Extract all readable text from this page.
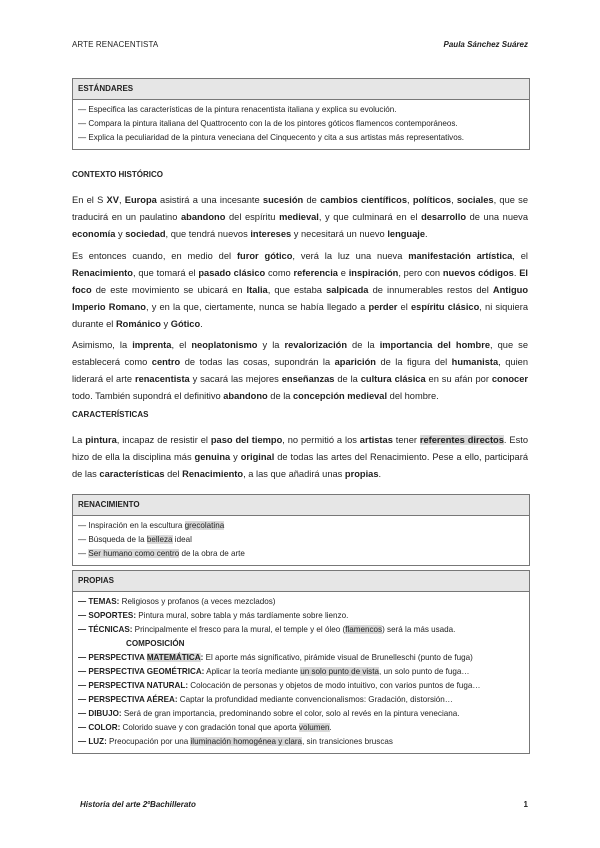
ARTE RENACENTISTA	Paula Sánchez Suárez
ESTÁNDARES
— Especifica las características de la pintura renacentista italiana y explica su evolución.
— Compara la pintura italiana del Quattrocento con la de los pintores góticos flamencos contemporáneos.
— Explica la peculiaridad de la pintura veneciana del Cinquecento y cita a sus artistas más representativos.
CONTEXTO HISTÓRICO

En el S XV, Europa asistirá a una incesante sucesión de cambios científicos, políticos, sociales, que se traducirá en un paulatino abandono del espíritu medieval, y que culminará en el desarrollo de una nueva economía y sociedad, que tendrá nuevos intereses y necesitará un nuevo lenguaje.

Es entonces cuando, en medio del furor gótico, verá la luz una nueva manifestación artística, el Renacimiento, que tomará el pasado clásico como referencia e inspiración, pero con nuevos códigos. El foco de este movimiento se ubicará en Italia, que estaba salpicada de innumerables restos del Antiguo Imperio Romano, y en la que, ciertamente, nunca se había llegado a perder el espíritu clásico, ni siquiera durante el Románico y Gótico.

Asimismo, la imprenta, el neoplatonismo y la revalorización de la importancia del hombre, que se establecerá como centro de todas las cosas, supondrán la aparición de la figura del humanista, quien liderará el arte renacentista y sacará las mejores enseñanzas de la cultura clásica en su afán por conocer todo. También supondrá el definitivo abandono de la concepción medieval del hombre.

CARACTERÍSTICAS

La pintura, incapaz de resistir el paso del tiempo, no permitió a los artistas tener referentes directos. Esto hizo de ella la disciplina más genuina y original de todas las artes del Renacimiento. Pese a ello, participará de las características del Renacimiento, a las que añadirá unas propias.

RENACIMIENTO
— Inspiración en la escultura grecolatina
— Búsqueda de la belleza ideal
— Ser humano como centro de la obra de arte
PROPIAS
— TEMAS: Religiosos y profanos (a veces mezclados)
— SOPORTES: Pintura mural, sobre tabla y más tardíamente sobre lienzo.
— TÉCNICAS: Principalmente el fresco para la mural, el temple y el óleo (flamencos) será la más usada.
COMPOSICIÓN
— PERSPECTIVA MATEMÁTICA: El aporte más significativo, pirámide visual de Brunelleschi (punto de fuga)
— PERSPECTIVA GEOMÉTRICA: Aplicar la teoría mediante un solo punto de vista, un solo punto de fuga…
— PERSPECTIVA NATURAL: Colocación de personas y objetos de modo intuitivo, con varios puntos de fuga…
— PERSPECTIVA AÉREA: Captar la profundidad mediante convencionalismos: Gradación, distorsión…
— DIBUJO: Será de gran importancia, predominando sobre el color, solo al revés en la pintura veneciana.
— COLOR: Colorido suave y con gradación tonal que aporta volumen.
— LUZ: Preocupación por una iluminación homogénea y clara, sin transiciones bruscas
Historia del arte 2ºBachillerato	1
